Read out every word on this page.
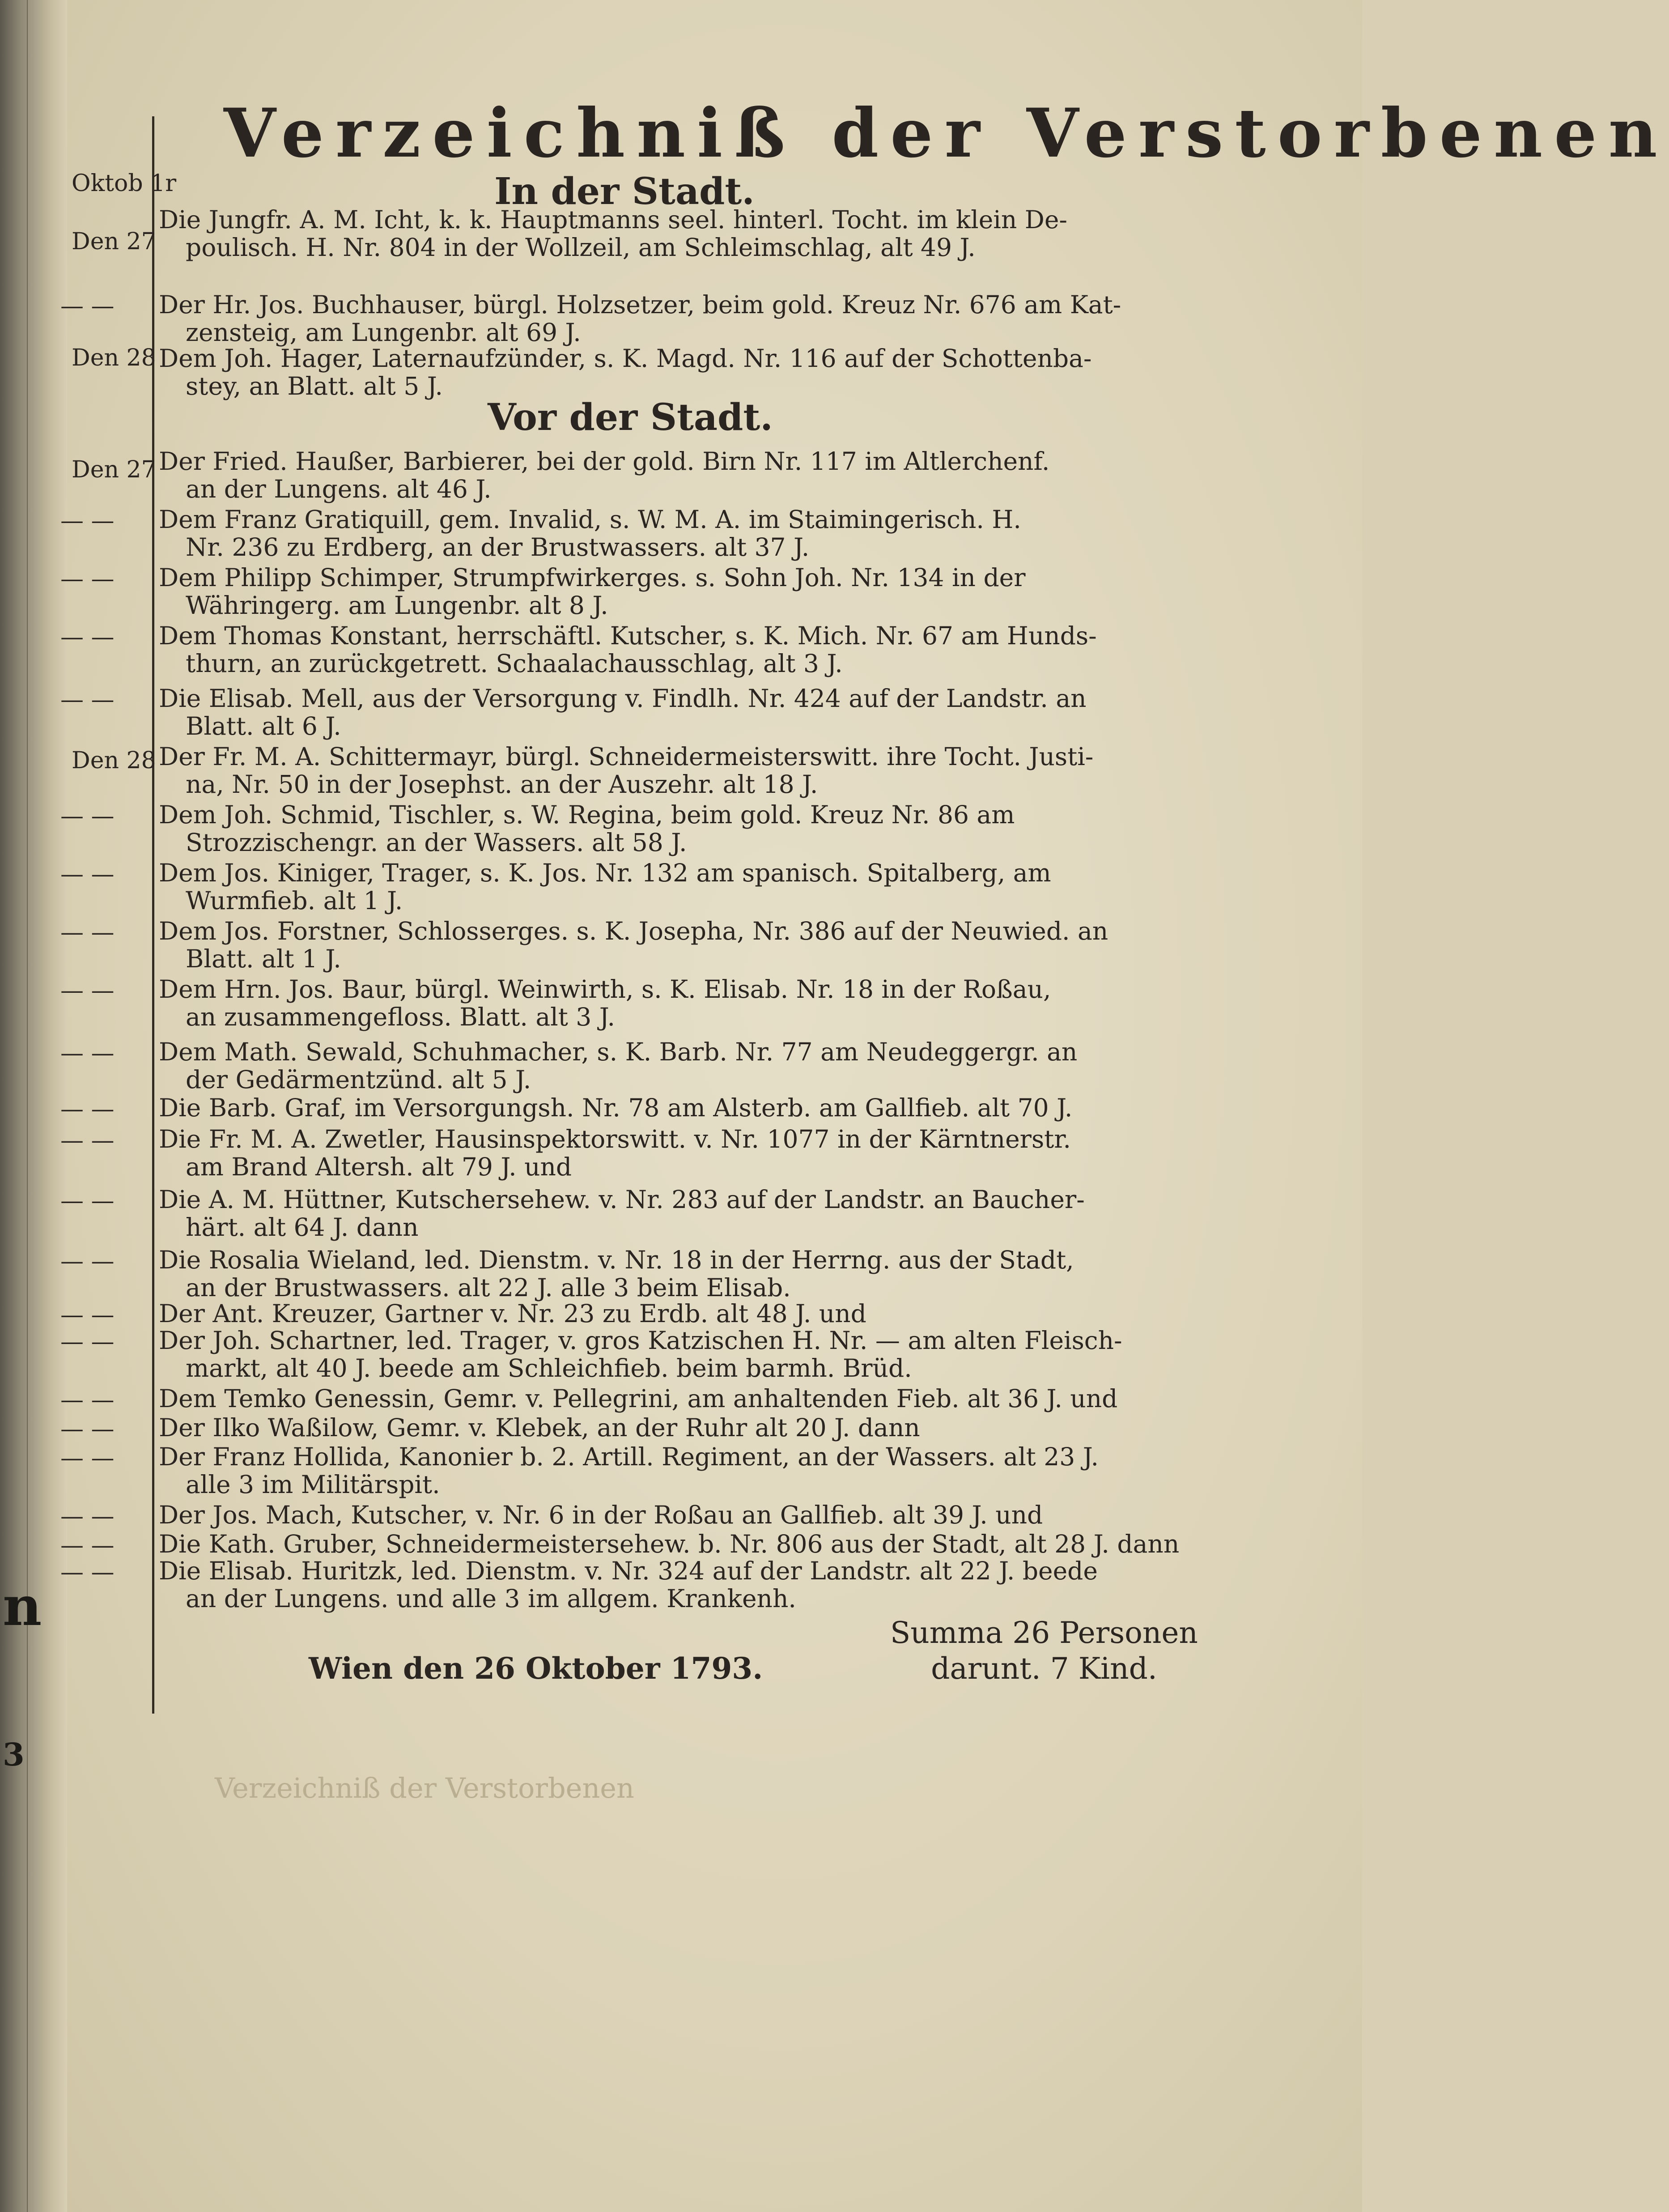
n
3
Verzeichniß der Verstorbenen
In der Stadt.
Vor der Stadt.
Oktob 1r
Den 27
Den 28
Den 27
Den 28
— —
— —
— —
— —
— —
— —
— —
— —
— —
— —
— —
— —
— —
— —
— —
— —
— —
— —
— —
— —
— —
— —
Die Jungfr. A. M. Icht, k. k. Hauptmanns seel. hinterl. Tocht. im klein De-
poulisch. H. Nr. 804 in der Wollzeil, am Schleimschlag, alt 49 J.
Der Hr. Jos. Buchhauser, bürgl. Holzsetzer, beim gold. Kreuz Nr. 676 am Kat-
zensteig, am Lungenbr. alt 69 J.
Dem Joh. Hager, Laternaufzünder, s. K. Magd. Nr. 116 auf der Schottenba-
stey, an Blatt. alt 5 J.
Der Fried. Haußer, Barbierer, bei der gold. Birn Nr. 117 im Altlerchenf.
an der Lungens. alt 46 J.
Dem Franz Gratiquill, gem. Invalid, s. W. M. A. im Staimingerisch. H.
Nr. 236 zu Erdberg, an der Brustwassers. alt 37 J.
Dem Philipp Schimper, Strumpfwirkerges. s. Sohn Joh. Nr. 134 in der
Währingerg. am Lungenbr. alt 8 J.
Dem Thomas Konstant, herrschäftl. Kutscher, s. K. Mich. Nr. 67 am Hunds-
thurn, an zurückgetrett. Schaalachausschlag, alt 3 J.
Die Elisab. Mell, aus der Versorgung v. Findlh. Nr. 424 auf der Landstr. an
Blatt. alt 6 J.
Der Fr. M. A. Schittermayr, bürgl. Schneidermeisterswitt. ihre Tocht. Justi-
na, Nr. 50 in der Josephst. an der Auszehr. alt 18 J.
Dem Joh. Schmid, Tischler, s. W. Regina, beim gold. Kreuz Nr. 86 am
Strozzischengr. an der Wassers. alt 58 J.
Dem Jos. Kiniger, Trager, s. K. Jos. Nr. 132 am spanisch. Spitalberg, am
Wurmfieb. alt 1 J.
Dem Jos. Forstner, Schlosserges. s. K. Josepha, Nr. 386 auf der Neuwied. an
Blatt. alt 1 J.
Dem Hrn. Jos. Baur, bürgl. Weinwirth, s. K. Elisab. Nr. 18 in der Roßau,
an zusammengefloss. Blatt. alt 3 J.
Dem Math. Sewald, Schuhmacher, s. K. Barb. Nr. 77 am Neudeggergr. an
der Gedärmentzünd. alt 5 J.
Die Barb. Graf, im Versorgungsh. Nr. 78 am Alsterb. am Gallfieb. alt 70 J.
Die Fr. M. A. Zwetler, Hausinspektorswitt. v. Nr. 1077 in der Kärntnerstr.
am Brand Altersh. alt 79 J. und
Die A. M. Hüttner, Kutschersehew. v. Nr. 283 auf der Landstr. an Baucher-
härt. alt 64 J. dann
Die Rosalia Wieland, led. Dienstm. v. Nr. 18 in der Herrng. aus der Stadt,
an der Brustwassers. alt 22 J. alle 3 beim Elisab.
Der Ant. Kreuzer, Gartner v. Nr. 23 zu Erdb. alt 48 J. und
Der Joh. Schartner, led. Trager, v. gros Katzischen H. Nr. — am alten Fleisch-
markt, alt 40 J. beede am Schleichfieb. beim barmh. Brüd.
Dem Temko Genessin, Gemr. v. Pellegrini, am anhaltenden Fieb. alt 36 J. und
Der Ilko Waßilow, Gemr. v. Klebek, an der Ruhr alt 20 J. dann
Der Franz Hollida, Kanonier b. 2. Artill. Regiment, an der Wassers. alt 23 J.
alle 3 im Militärspit.
Der Jos. Mach, Kutscher, v. Nr. 6 in der Roßau an Gallfieb. alt 39 J. und
Die Kath. Gruber, Schneidermeistersehew. b. Nr. 806 aus der Stadt, alt 28 J. dann
Die Elisab. Huritzk, led. Dienstm. v. Nr. 324 auf der Landstr. alt 22 J. beede
an der Lungens. und alle 3 im allgem. Krankenh.
Summa 26 Personen
darunt. 7 Kind.
Wien den 26 Oktober 1793.
Verzeichniß der Verstorbenen
